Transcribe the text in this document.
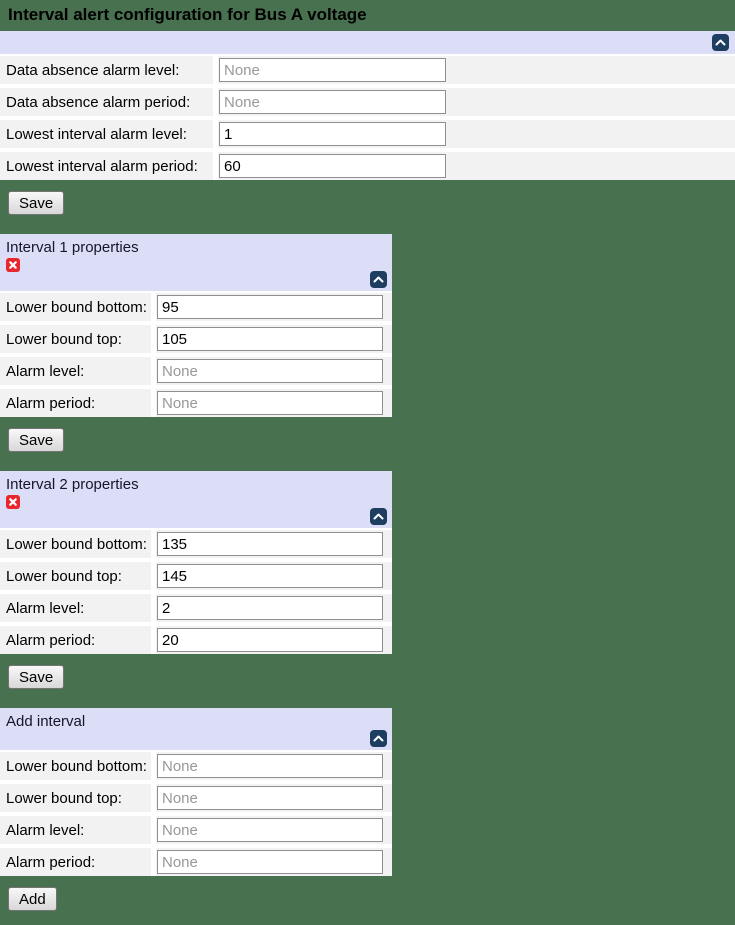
Interval alert configuration for Bus A voltage
Data absence alarm level:
None
Data absence alarm period:
None
Lowest interval alarm level:
1
Lowest interval alarm period:
60
Save
Interval 1 properties
Lower bound bottom:
95
Lower bound top:
105
Alarm level:
None
Alarm period:
None
Save
Interval 2 properties
Lower bound bottom:
135
Lower bound top:
145
Alarm level:
2
Alarm period:
20
Save
Add interval
Lower bound bottom:
None
Lower bound top:
None
Alarm level:
None
Alarm period:
None
Add
